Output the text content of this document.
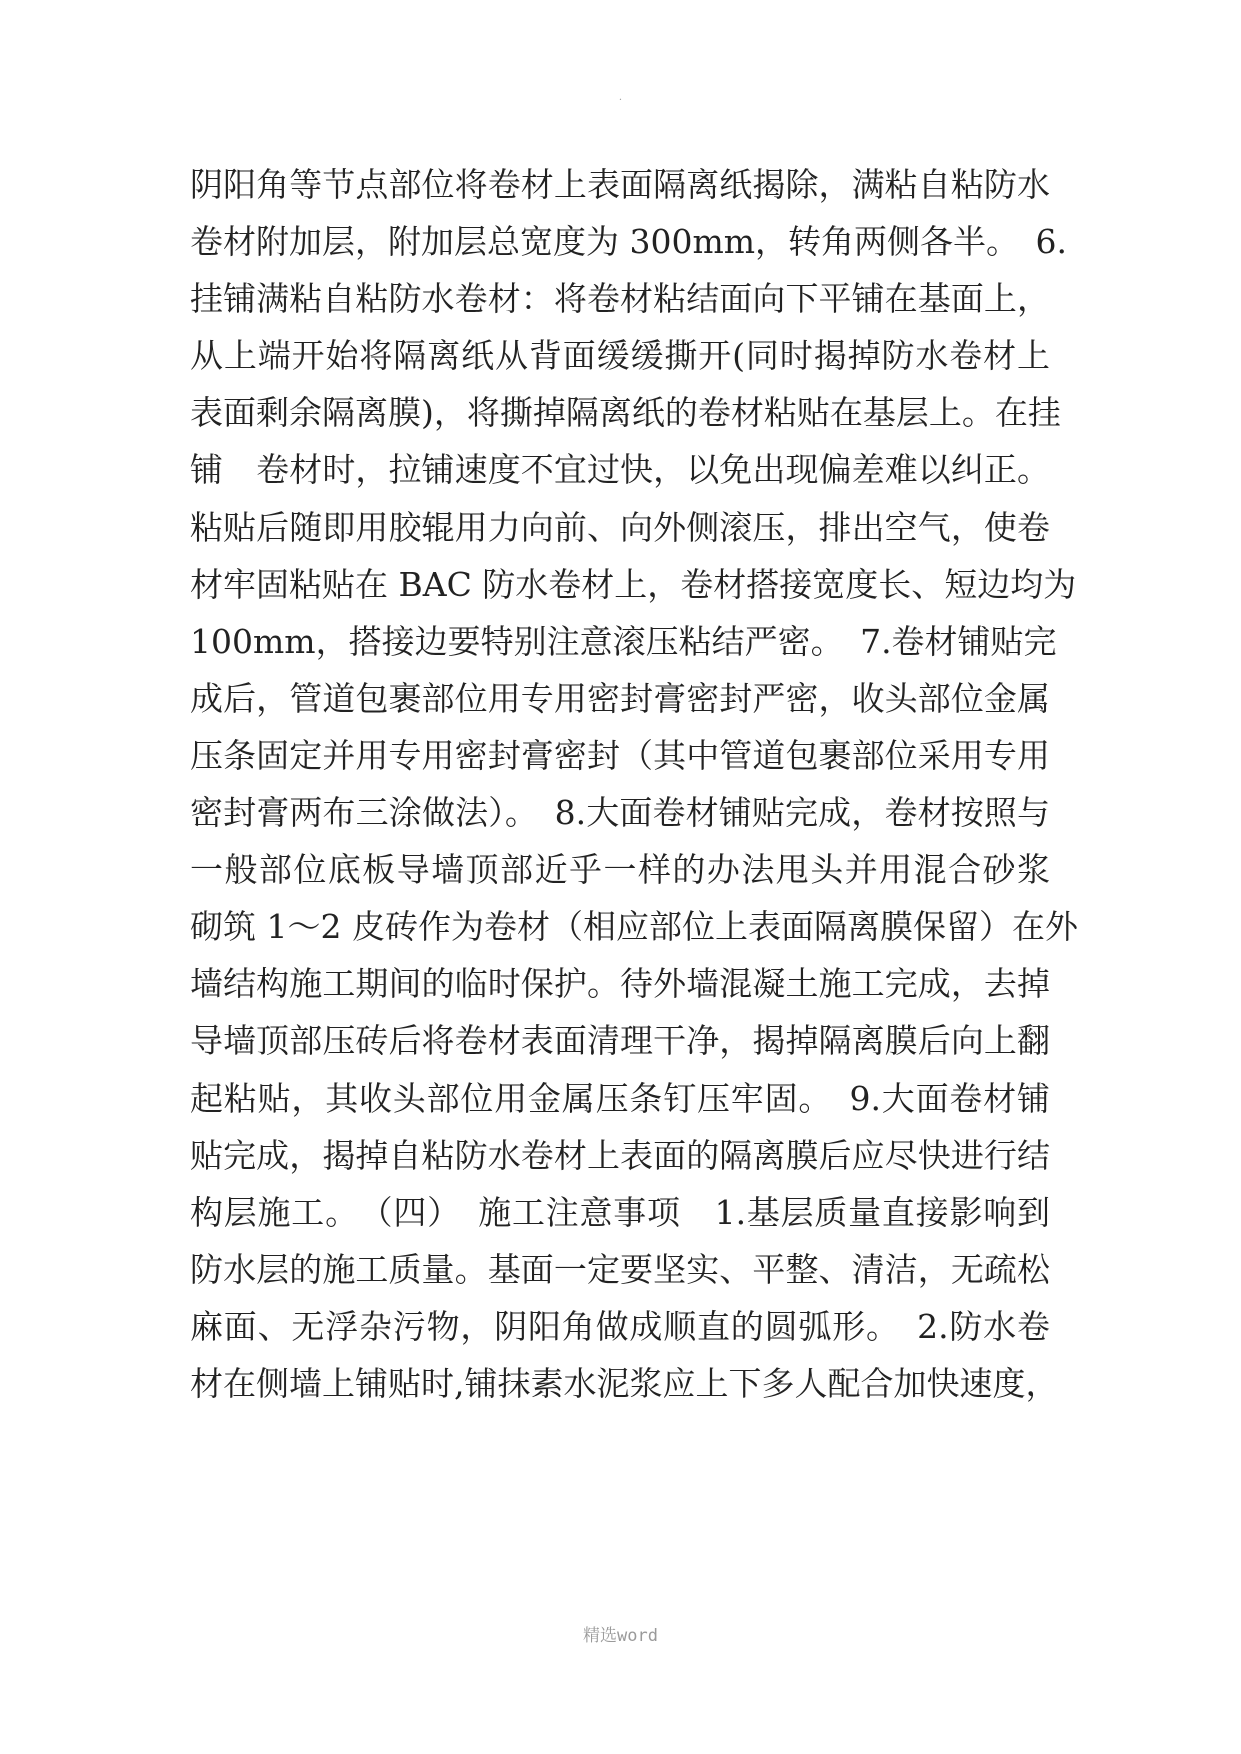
.
阴阳角等节点部位将卷材上表面隔离纸揭除，满粘自粘防水
卷材附加层，附加层总宽度为 300mm，转角两侧各半。　6.
挂铺满粘自粘防水卷材：将卷材粘结面向下平铺在基面上，
从上端开始将隔离纸从背面缓缓撕开(同时揭掉防水卷材上
表面剩余隔离膜)，将撕掉隔离纸的卷材粘贴在基层上。在挂
铺　卷材时，拉铺速度不宜过快，以免出现偏差难以纠正。
粘贴后随即用胶辊用力向前、向外侧滚压，排出空气，使卷
材牢固粘贴在 BAC 防水卷材上，卷材搭接宽度长、短边均为
100mm，搭接边要特别注意滚压粘结严密。　7.卷材铺贴完
成后，管道包裹部位用专用密封膏密封严密，收头部位金属
压条固定并用专用密封膏密封（其中管道包裹部位采用专用
密封膏两布三涂做法）。　8.大面卷材铺贴完成，卷材按照与
一般部位底板导墙顶部近乎一样的办法甩头并用混合砂浆
砌筑 1～2 皮砖作为卷材（相应部位上表面隔离膜保留）在外
墙结构施工期间的临时保护。待外墙混凝土施工完成，去掉
导墙顶部压砖后将卷材表面清理干净，揭掉隔离膜后向上翻
起粘贴，其收头部位用金属压条钉压牢固。　9.大面卷材铺
贴完成，揭掉自粘防水卷材上表面的隔离膜后应尽快进行结
构层施工。　（四）　施工注意事项　1.基层质量直接影响到
防水层的施工质量。基面一定要坚实、平整、清洁，无疏松
麻面、无浮杂污物，阴阳角做成顺直的圆弧形。　2.防水卷
材在侧墙上铺贴时,铺抹素水泥浆应上下多人配合加快速度，
精选word
